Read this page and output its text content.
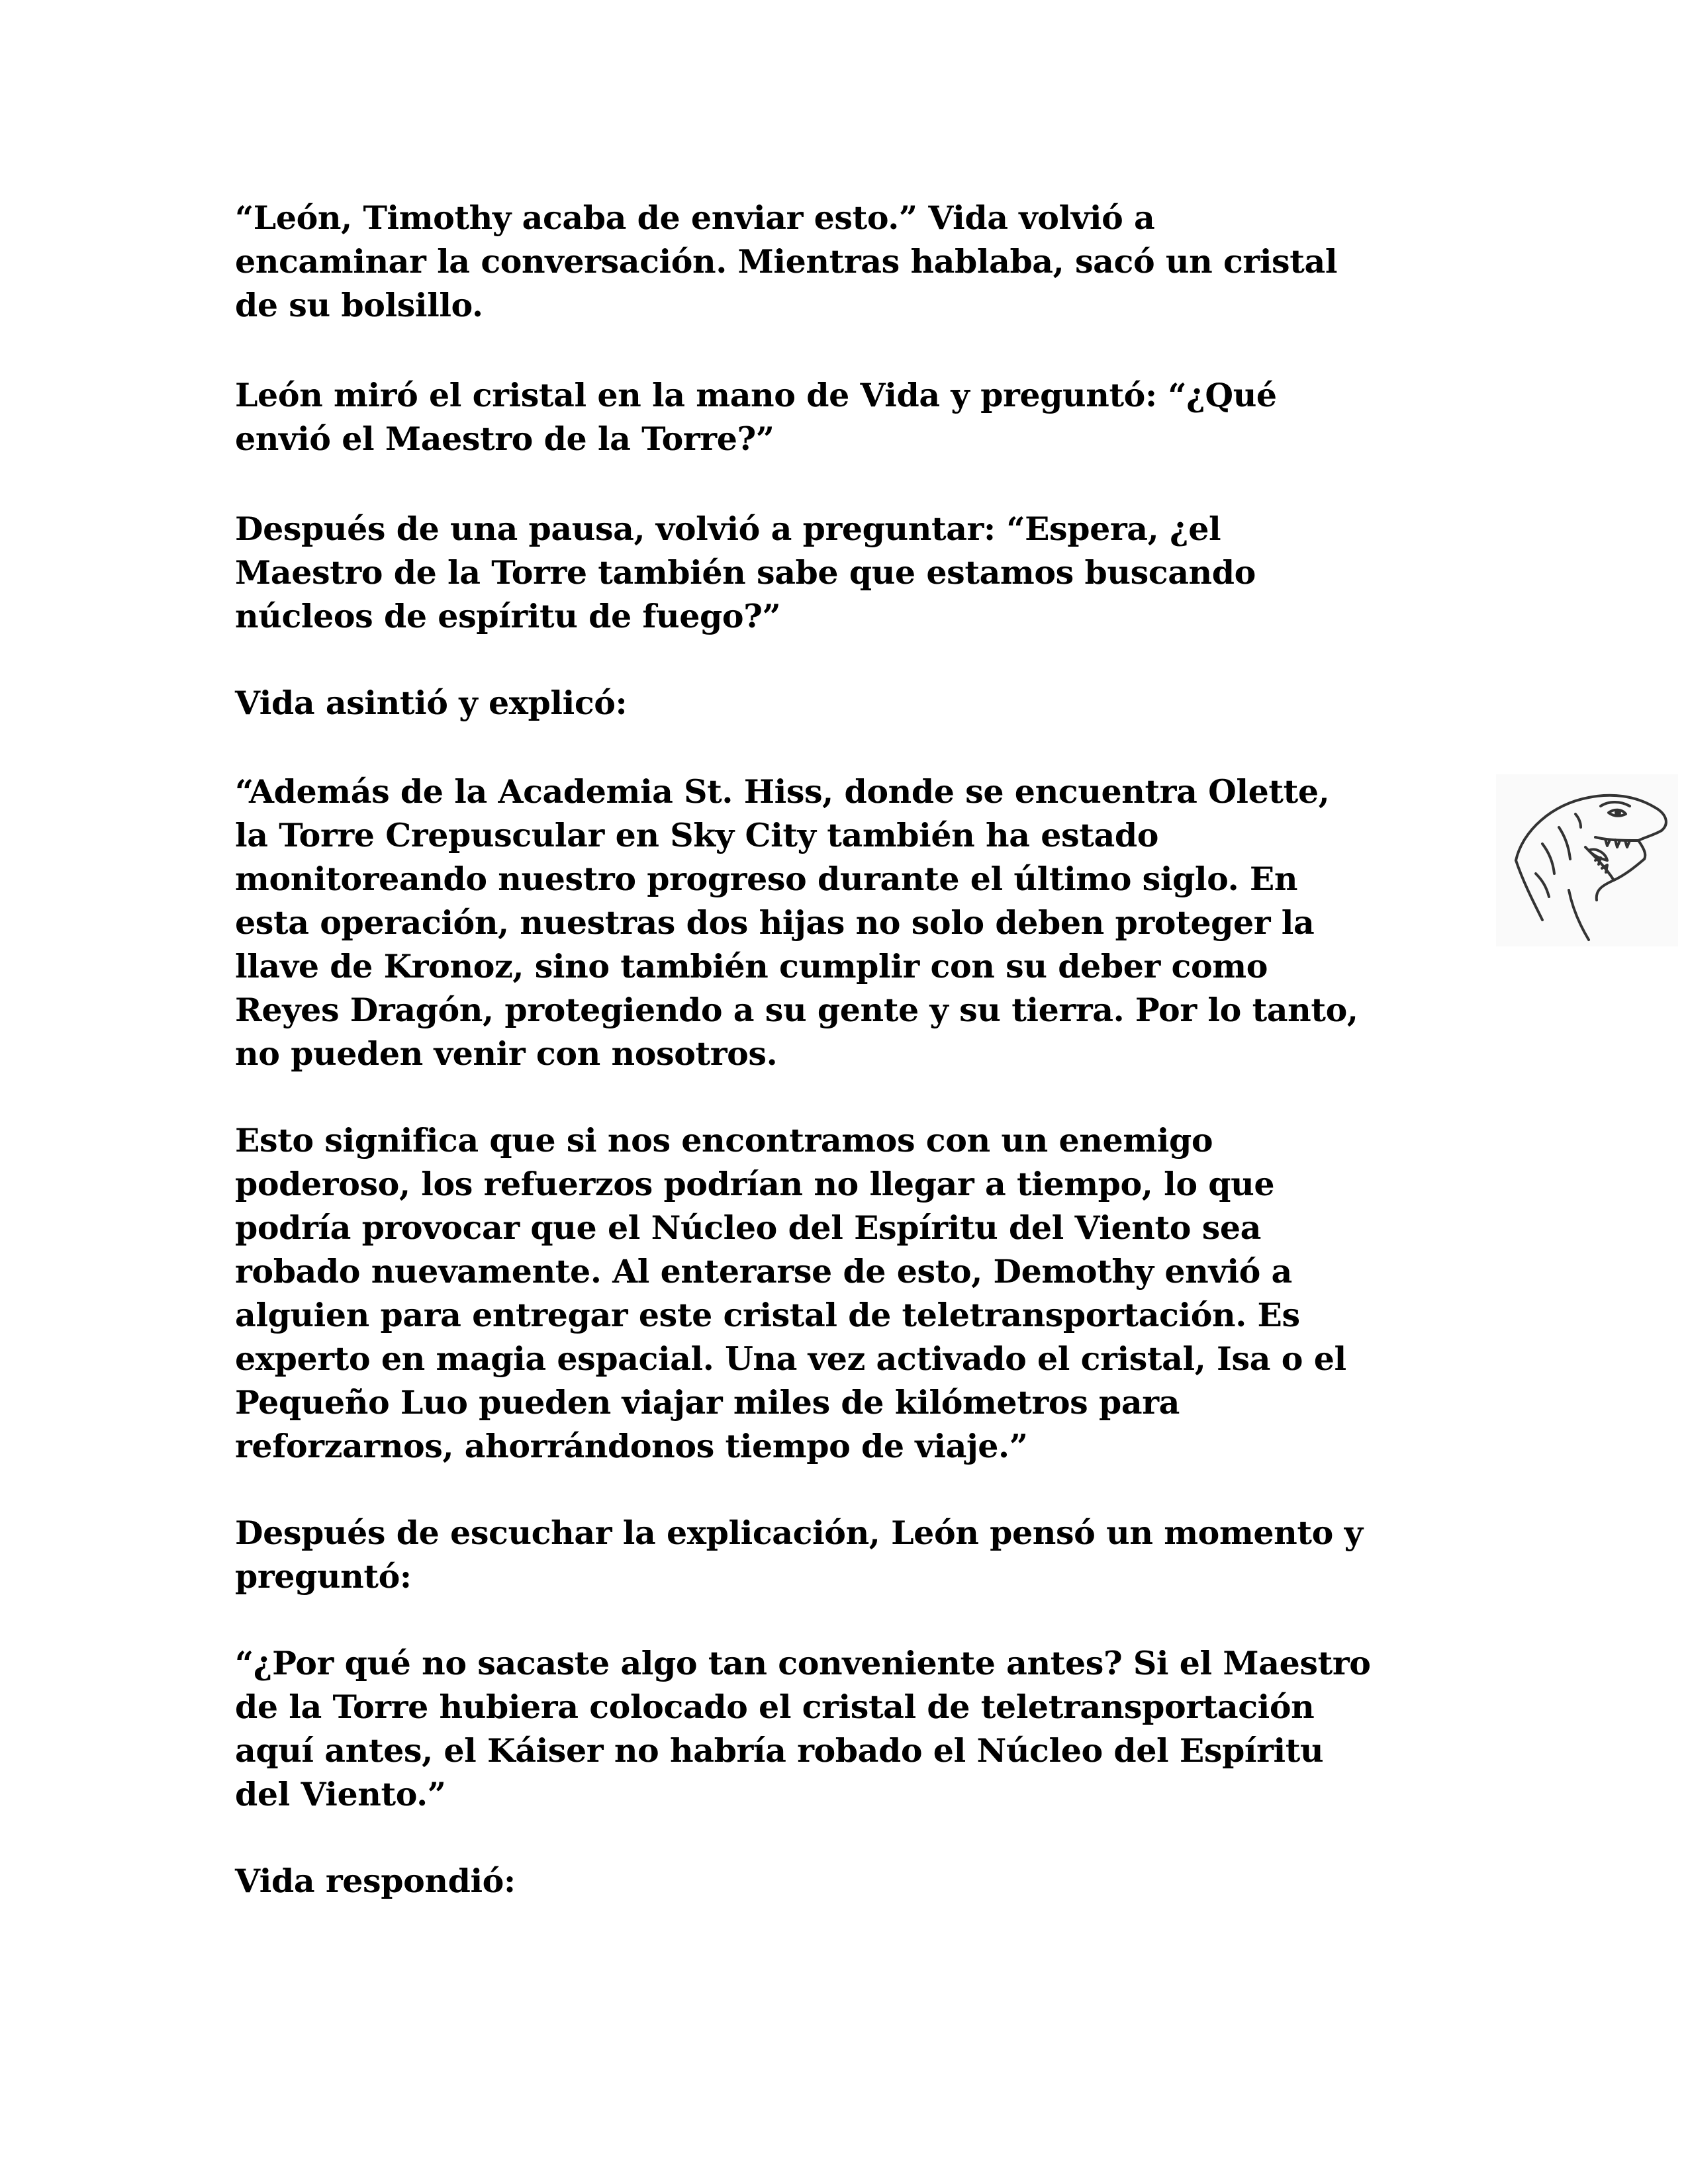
“León, Timothy acaba de enviar esto.” Vida volvió a
encaminar la conversación. Mientras hablaba, sacó un cristal
de su bolsillo.

León miró el cristal en la mano de Vida y preguntó: “¿Qué
envió el Maestro de la Torre?”

Después de una pausa, volvió a preguntar: “Espera, ¿el
Maestro de la Torre también sabe que estamos buscando
núcleos de espíritu de fuego?”

Vida asintió y explicó:

“Además de la Academia St. Hiss, donde se encuentra Olette,
la Torre Crepuscular en Sky City también ha estado
monitoreando nuestro progreso durante el último siglo. En
esta operación, nuestras dos hijas no solo deben proteger la
llave de Kronoz, sino también cumplir con su deber como
Reyes Dragón, protegiendo a su gente y su tierra. Por lo tanto,
no pueden venir con nosotros.

Esto significa que si nos encontramos con un enemigo
poderoso, los refuerzos podrían no llegar a tiempo, lo que
podría provocar que el Núcleo del Espíritu del Viento sea
robado nuevamente. Al enterarse de esto, Demothy envió a
alguien para entregar este cristal de teletransportación. Es
experto en magia espacial. Una vez activado el cristal, Isa o el
Pequeño Luo pueden viajar miles de kilómetros para
reforzarnos, ahorrándonos tiempo de viaje.”

Después de escuchar la explicación, León pensó un momento y
preguntó:

“¿Por qué no sacaste algo tan conveniente antes? Si el Maestro
de la Torre hubiera colocado el cristal de teletransportación
aquí antes, el Káiser no habría robado el Núcleo del Espíritu
del Viento.”

Vida respondió:
